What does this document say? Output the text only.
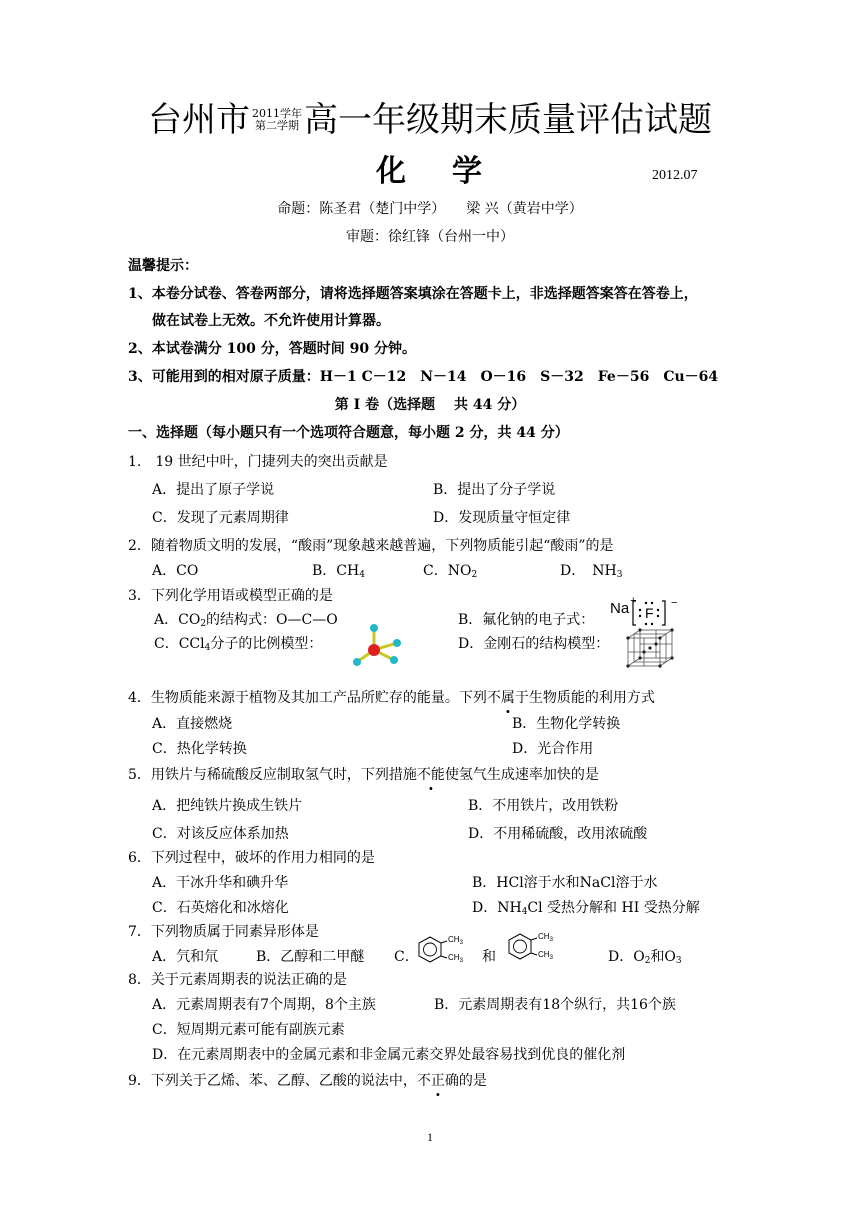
台州市 2011学年
第二学期 高一年级期末质量评估试题
化 学	2012.07
命题：陈圣君（楚门中学）　　梁 兴（黄岩中学）
审题：徐红锋（台州一中）
温馨提示：
1、本卷分试卷、答卷两部分，请将选择题答案填涂在答题卡上，非选择题答案答在答卷上，
做在试卷上无效。不允许使用计算器。
2、本试卷满分 100 分，答题时间 90 分钟。
3、可能用到的相对原子质量：H－1 C－12　N－14　O－16　S－32　Fe－56　Cu－64
第 I 卷（选择题　 共 44 分）
一、选择题（每小题只有一个选项符合题意，每小题 2 分，共 44 分）
1.　19 世纪中叶，门捷列夫的突出贡献是
A．提出了原子学说	B．提出了分子学说
C．发现了元素周期律	D．发现质量守恒定律
2．随着物质文明的发展，“酸雨”现象越来越普遍，下列物质能引起“酸雨”的是
A．CO	B．$CH_4$	C．$NO_2$	D．　$NH_3$
3．下列化学用语或模型正确的是
A．$CO_2$的结构式：O—C—O	B．氟化钠的电子式：
Na +	−
F
C．CCl$_4$分子的比例模型：	D．金刚石的结构模型：
4．生物质能来源于植物及其加工产品所贮存的能量。下列不属于生物质能的利用方式
A．直接燃烧	B．生物化学转换
C．热化学转换	D．光合作用
5．用铁片与稀硫酸反应制取氢气时，下列措施不能使氢气生成速率加快的是
A．把纯铁片换成生铁片	B．不用铁片，改用铁粉
C．对该反应体系加热	D．不用稀硫酸，改用浓硫酸
6．下列过程中，破坏的作用力相同的是
A．干冰升华和碘升华	B．HCl溶于水和NaCl溶于水
C．石英熔化和冰熔化	D．$NH_4Cl$ 受热分解和 HI 受热分解
7．下列物质属于同素异形体是
A．氕和氘	B．乙醇和二甲醚 C．
$CH_3$
$CH_3$ 和
$CH_3$
$CH_3$	D．$O_2$和$O_3$
8．关于元素周期表的说法正确的是
A．元素周期表有7个周期，8个主族	B．元素周期表有18个纵行，共16个族
C．短周期元素可能有副族元素
D．在元素周期表中的金属元素和非金属元素交界处最容易找到优良的催化剂
9．下列关于乙烯、苯、乙醇、乙酸的说法中，不正确的是
1
